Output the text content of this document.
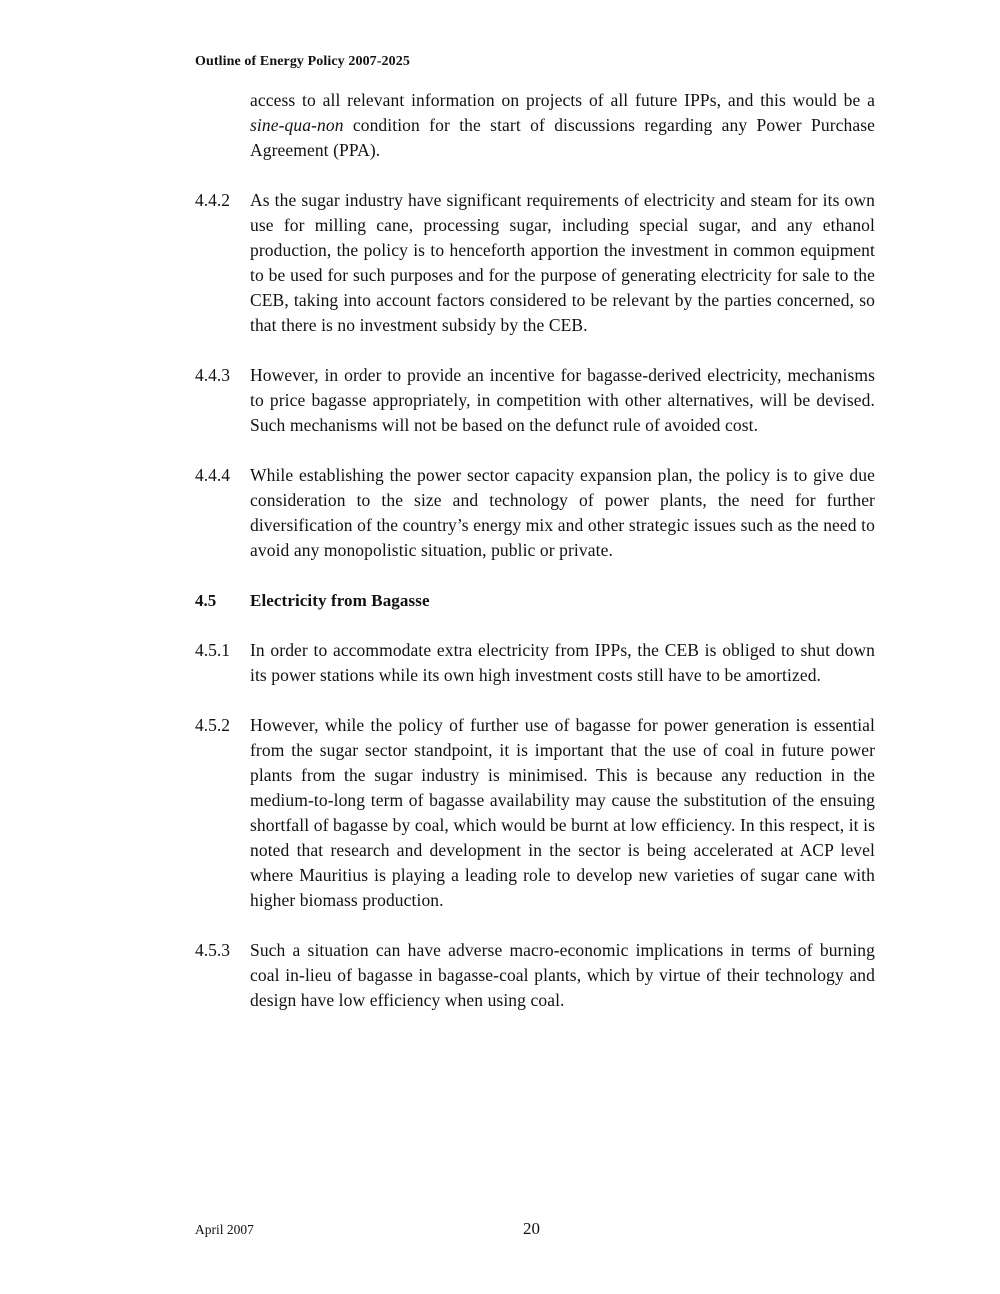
Outline of Energy Policy 2007-2025
access to all relevant information on projects of all future IPPs, and this would be a sine-qua-non condition for the start of discussions regarding any Power Purchase Agreement (PPA).
4.4.2	As the sugar industry have significant requirements of electricity and steam for its own use for milling cane, processing sugar, including special sugar, and any ethanol production, the policy is to henceforth apportion the investment in common equipment to be used for such purposes and for the purpose of generating electricity for sale to the CEB, taking into account factors considered to be relevant by the parties concerned, so that there is no investment subsidy by the CEB.
4.4.3	However, in order to provide an incentive for bagasse-derived electricity, mechanisms to price bagasse appropriately, in competition with other alternatives, will be devised. Such mechanisms will not be based on the defunct rule of avoided cost.
4.4.4	While establishing the power sector capacity expansion plan, the policy is to give due consideration to the size and technology of power plants, the need for further diversification of the country’s energy mix and other strategic issues such as the need to avoid any monopolistic situation, public or private.
4.5	Electricity from Bagasse
4.5.1	In order to accommodate extra electricity from IPPs, the CEB is obliged to shut down its power stations while its own high investment costs still have to be amortized.
4.5.2	However, while the policy of further use of bagasse for power generation is essential from the sugar sector standpoint, it is important that the use of coal in future power plants from the sugar industry is minimised. This is because any reduction in the medium-to-long term of bagasse availability may cause the substitution of the ensuing shortfall of bagasse by coal, which would be burnt at low efficiency. In this respect, it is noted that research and development in the sector is being accelerated at ACP level where Mauritius is playing a leading role to develop new varieties of sugar cane with higher biomass production.
4.5.3	Such a situation can have adverse macro-economic implications in terms of burning coal in-lieu of bagasse in bagasse-coal plants, which by virtue of their technology and design have low efficiency when using coal.
April 2007	20
